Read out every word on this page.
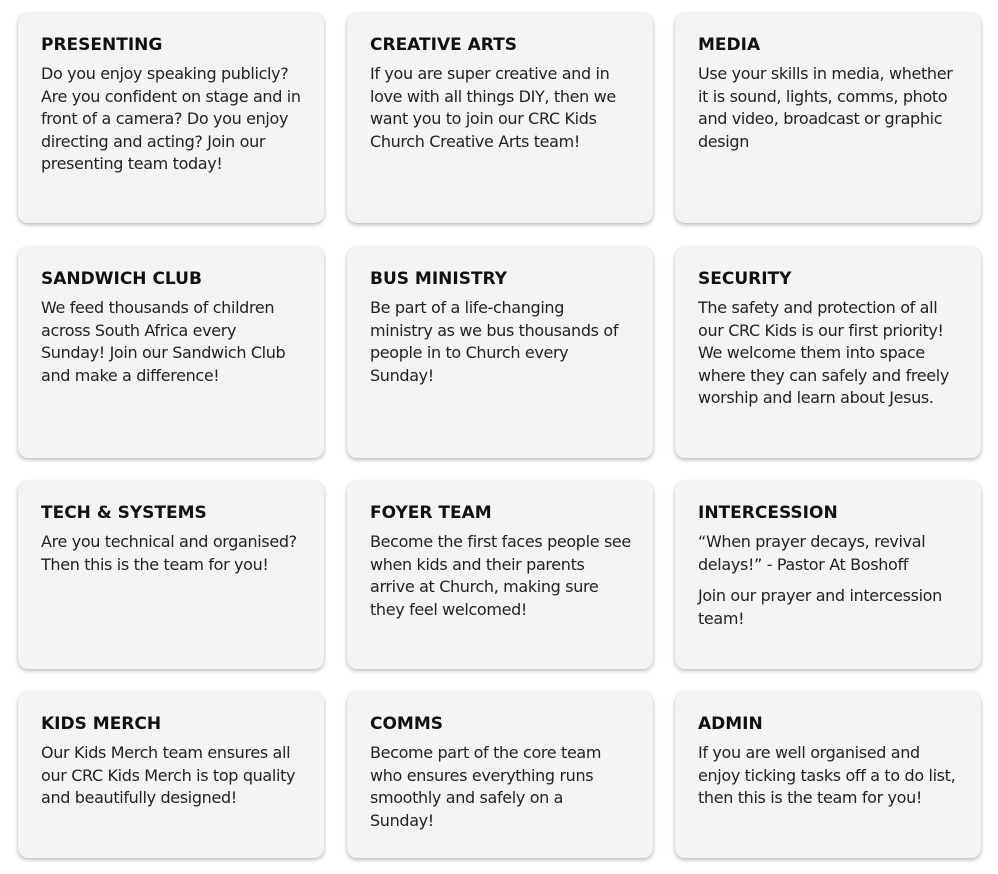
PRESENTING

Do you enjoy speaking publicly? Are you confident on stage and in front of a camera? Do you enjoy directing and acting? Join our presenting team today!

CREATIVE ARTS

If you are super creative and in love with all things DIY, then we want you to join our CRC Kids Church Creative Arts team!

MEDIA

Use your skills in media, whether it is sound, lights, comms, photo and video, broadcast or graphic design

SANDWICH CLUB

We feed thousands of children across South Africa every Sunday! Join our Sandwich Club and make a difference!

BUS MINISTRY

Be part of a life-changing ministry as we bus thousands of people in to Church every Sunday!

SECURITY

The safety and protection of all our CRC Kids is our first priority! We welcome them into space where they can safely and freely worship and learn about Jesus.

TECH & SYSTEMS

Are you technical and organised? Then this is the team for you!

FOYER TEAM

Become the first faces people see when kids and their parents arrive at Church, making sure they feel welcomed!

INTERCESSION

“When prayer decays, revival delays!” - Pastor At Boshoff

Join our prayer and intercession team!

KIDS MERCH

Our Kids Merch team ensures all our CRC Kids Merch is top quality and beautifully designed!

COMMS

Become part of the core team who ensures everything runs smoothly and safely on a Sunday!

ADMIN

If you are well organised and enjoy ticking tasks off a to do list, then this is the team for you!
